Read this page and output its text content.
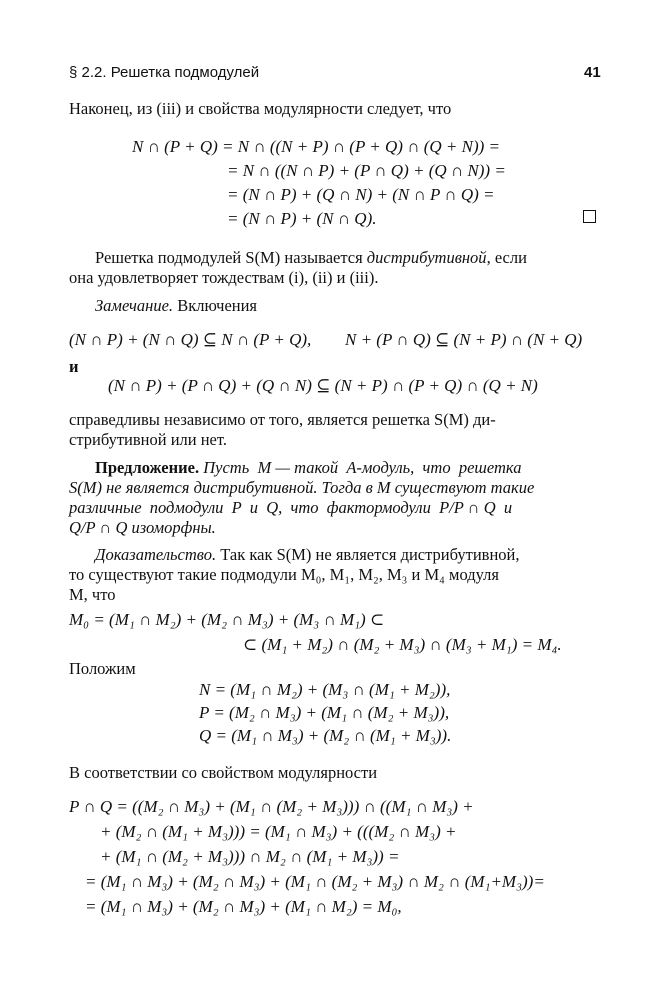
§ 2.2. Решетка подмодулей	41
Наконец, из (iii) и свойства модулярности следует, что
N ∩ (P + Q) = N ∩ ((N + P) ∩ (P + Q) ∩ (Q + N)) =
= N ∩ ((N ∩ P) + (P ∩ Q) + (Q ∩ N)) =
= (N ∩ P) + (Q ∩ N) + (N ∩ P ∩ Q) =
= (N ∩ P) + (N ∩ Q).
Решетка подмодулей S(M) называется дистрибутивной, если
она удовлетворяет тождествам (i), (ii) и (iii).
Замечание. Включения
(N ∩ P) + (N ∩ Q) ⊆ N ∩ (P + Q), N + (P ∩ Q) ⊆ (N + P) ∩ (N + Q)
и
(N ∩ P) + (P ∩ Q) + (Q ∩ N) ⊆ (N + P) ∩ (P + Q) ∩ (Q + N)
справедливы независимо от того, является решетка S(M) ди-
стрибутивной или нет.
Предложение. Пусть  M — такой  A-модуль,  что  решетка
S(M) не является дистрибутивной. Тогда в M существуют такие
различные  подмодули  P  и  Q,  что  фактормодули  P/P ∩ Q  и
Q/P ∩ Q изоморфны.
Доказательство. Так как S(M) не является дистрибутивной,
то существуют такие подмодули M₀, M₁, M₂, M₃ и M₄ модуля
M, что
M₀ = (M₁ ∩ M₂) + (M₂ ∩ M₃) + (M₃ ∩ M₁) ⊂
⊂ (M₁ + M₂) ∩ (M₂ + M₃) ∩ (M₃ + M₁) = M₄.
Положим
N = (M₁ ∩ M₂) + (M₃ ∩ (M₁ + M₂)),
P = (M₂ ∩ M₃) + (M₁ ∩ (M₂ + M₃)),
Q = (M₁ ∩ M₃) + (M₂ ∩ (M₁ + M₃)).
В соответствии со свойством модулярности
P ∩ Q = ((M₂ ∩ M₃) + (M₁ ∩ (M₂ + M₃))) ∩ ((M₁ ∩ M₃) +
+ (M₂ ∩ (M₁ + M₃))) = (M₁ ∩ M₃) + (((M₂ ∩ M₃) +
+ (M₁ ∩ (M₂ + M₃))) ∩ M₂ ∩ (M₁ + M₃)) =
= (M₁ ∩ M₃) + (M₂ ∩ M₃) + (M₁ ∩ (M₂ + M₃) ∩ M₂ ∩ (M₁+M₃))=
= (M₁ ∩ M₃) + (M₂ ∩ M₃) + (M₁ ∩ M₂) = M₀,
